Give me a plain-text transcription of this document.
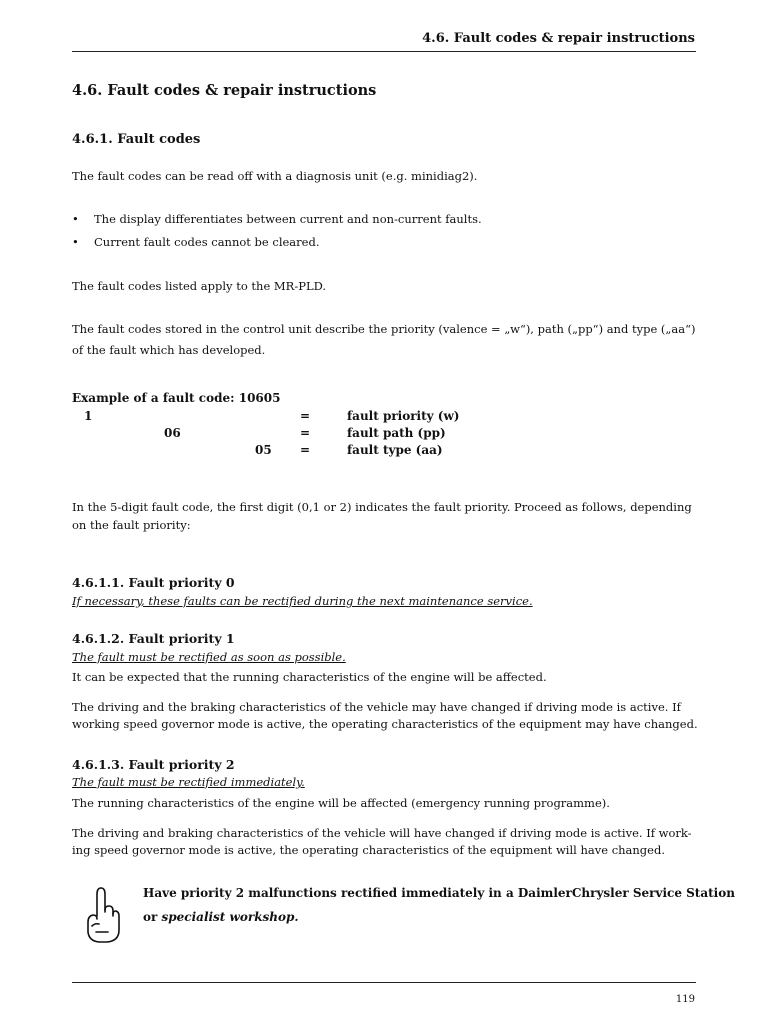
4.6. Fault codes & repair instructions
4.6. Fault codes & repair instructions
4.6.1. Fault codes
The fault codes can be read off with a diagnosis unit (e.g. minidiag2).
• The display differentiates between current and non-current faults.
• Current fault codes cannot be cleared.
The fault codes listed apply to the MR-PLD.
The fault codes stored in the control unit describe the priority (valence = „w“), path („pp“) and type („aa“)
of the fault which has developed.
Example of a fault code: 10605
1	=	fault priority (w)
06	=	fault path (pp)
05 =	fault type (aa)
In the 5-digit fault code, the first digit (0,1 or 2) indicates the fault priority. Proceed as follows, depending
on the fault priority:
4.6.1.1. Fault priority 0
If necessary, these faults can be rectified during the next maintenance service.
4.6.1.2. Fault priority 1
The fault must be rectified as soon as possible.
It can be expected that the running characteristics of the engine will be affected.
The driving and the braking characteristics of the vehicle may have changed if driving mode is active. If
working speed governor mode is active, the operating characteristics of the equipment may have changed.
4.6.1.3. Fault priority 2
The fault must be rectified immediately.
The running characteristics of the engine will be affected (emergency running programme).
The driving and braking characteristics of the vehicle will have changed if driving mode is active. If work-
ing speed governor mode is active, the operating characteristics of the equipment will have changed.
Have priority 2 malfunctions rectified immediately in a DaimlerChrysler Service Station
or specialist workshop.
119
